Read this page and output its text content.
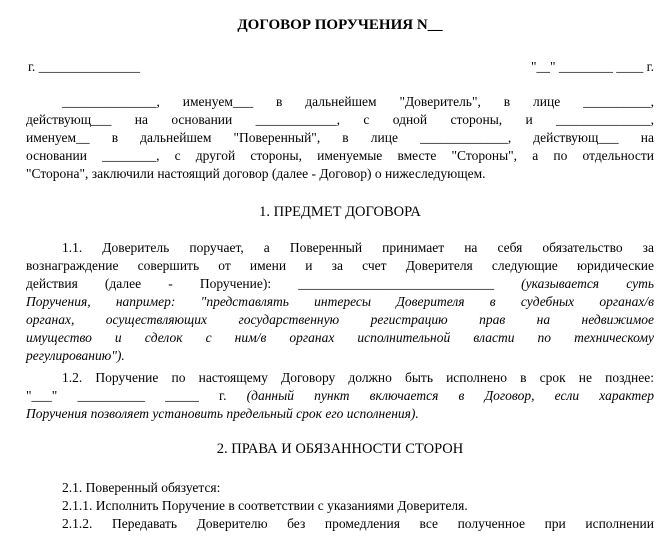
ДОГОВОР ПОРУЧЕНИЯ N__
г. _______________	"__" ________ ____ г.
______________, именуем___ в дальнейшем "Доверитель", в лице __________,
действующ___ на основании ____________, с одной стороны, и ______________,
именуем__ в дальнейшем "Поверенный", в лице _____________, действующ___ на
основании ________, с другой стороны, именуемые вместе "Стороны", а по отдельности
"Сторона", заключили настоящий договор (далее - Договор) о нижеследующем.
1. ПРЕДМЕТ ДОГОВОРА
1.1. Доверитель поручает, а Поверенный принимает на себя обязательство за
вознаграждение совершить от имени и за счет Доверителя следующие юридические
действия (далее - Поручение): _____________________________ (указывается суть
Поручения, например: "представлять интересы Доверителя в судебных органах/в
органах, осуществляющих государственную регистрацию прав на недвижимое
имущество и сделок с ним/в органах исполнительной власти по техническому
регулированию").
1.2. Поручение по настоящему Договору должно быть исполнено в срок не позднее:
"___" __________ _____ г. (данный пункт включается в Договор, если характер
Поручения позволяет установить предельный срок его исполнения).
2. ПРАВА И ОБЯЗАННОСТИ СТОРОН
2.1. Поверенный обязуется:
2.1.1. Исполнить Поручение в соответствии с указаниями Доверителя.
2.1.2. Передавать Доверителю без промедления все полученное при исполнении
